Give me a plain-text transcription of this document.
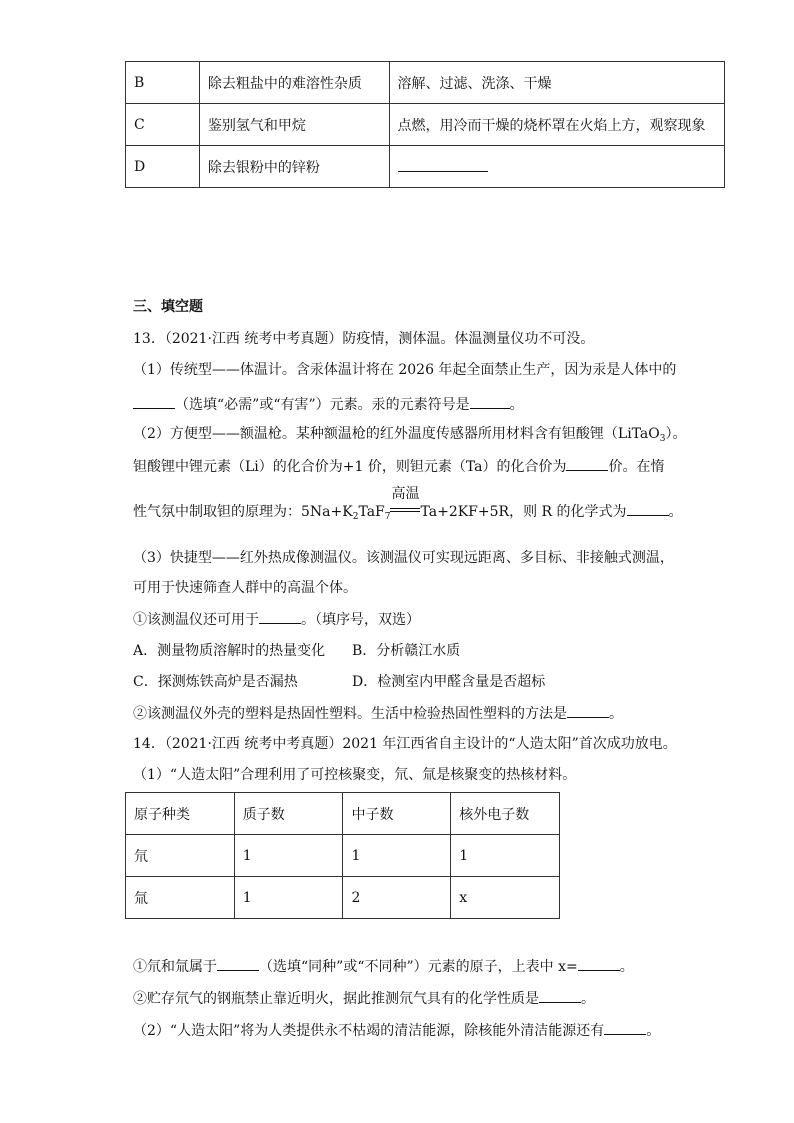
B	除去粗盐中的难溶性杂质	溶解、过滤、洗涤、干燥
C	鉴别氢气和甲烷	点燃，用冷而干燥的烧杯罩在火焰上方，观察现象
D	除去银粉中的锌粉	
三、填空题
13．（2021·江西 统考中考真题）防疫情，测体温。体温测量仪功不可没。
（1）传统型——体温计。含汞体温计将在 2026 年起全面禁止生产，因为汞是人体中的
（选填“必需”或“有害”）元素。汞的元素符号是	。
（2）方便型——额温枪。某种额温枪的红外温度传感器所用材料含有钽酸锂（LiTaO$_3$）。
钽酸锂中锂元素（Li）的化合价为+1 价，则钽元素（Ta）的化合价为	价。在惰
性气氛中制取钽的原理为：$5Na+K_2TaF_7$
高温
Ta+2KF+5R，则 R 的化学式为	。
（3）快捷型——红外热成像测温仪。该测温仪可实现远距离、多目标、非接触式测温，
可用于快速筛查人群中的高温个体。
①该测温仪还可用于	。（填序号，双选）
A．测量物质溶解时的热量变化 B．分析赣江水质
C．探测炼铁高炉是否漏热	D．检测室内甲醛含量是否超标
②该测温仪外壳的塑料是热固性塑料。生活中检验热固性塑料的方法是	。
14．（2021·江西 统考中考真题）2021 年江西省自主设计的“人造太阳”首次成功放电。
（1）“人造太阳”合理利用了可控核聚变，氘、氚是核聚变的热核材料。
原子种类	质子数	中子数	核外电子数
氘	1	1	1
氚	1	2	x
①氘和氚属于	（选填“同种”或“不同种”）元素的原子，上表中 x=	。
②贮存氘气的钢瓶禁止靠近明火，据此推测氘气具有的化学性质是	。
（2）“人造太阳”将为人类提供永不枯竭的清洁能源，除核能外清洁能源还有	。
